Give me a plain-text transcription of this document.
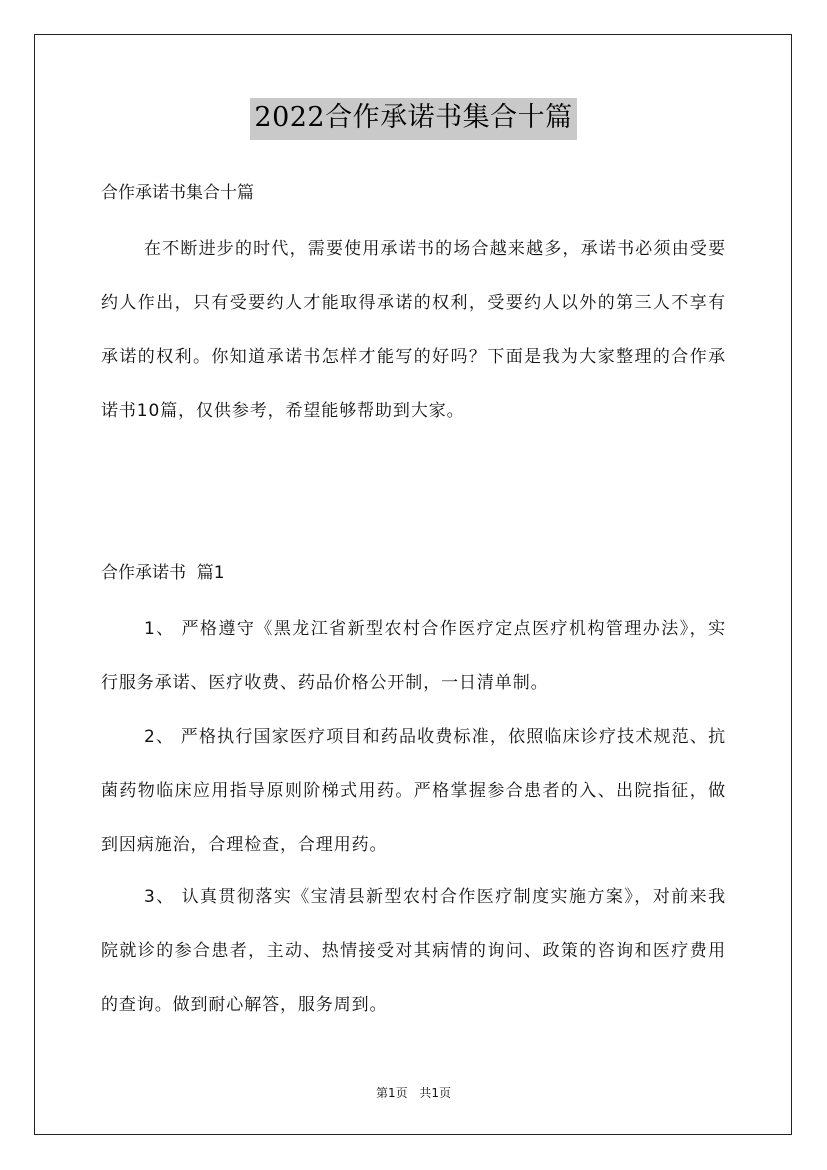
2022合作承诺书集合十篇
合作承诺书集合十篇
在不断进步的时代，需要使用承诺书的场合越来越多，承诺书必须由受要约人作出，只有受要约人才能取得承诺的权利，受要约人以外的第三人不享有承诺的权利。你知道承诺书怎样才能写的好吗？下面是我为大家整理的合作承诺书10篇，仅供参考，希望能够帮助到大家。
合作承诺书  篇1
1、 严格遵守《黑龙江省新型农村合作医疗定点医疗机构管理办法》，实行服务承诺、医疗收费、药品价格公开制，一日清单制。
2、 严格执行国家医疗项目和药品收费标准，依照临床诊疗技术规范、抗菌药物临床应用指导原则阶梯式用药。严格掌握参合患者的入、出院指征，做到因病施治，合理检查，合理用药。
3、 认真贯彻落实《宝清县新型农村合作医疗制度实施方案》，对前来我院就诊的参合患者，主动、热情接受对其病情的询问、政策的咨询和医疗费用的查询。做到耐心解答，服务周到。
第1页 共1页
